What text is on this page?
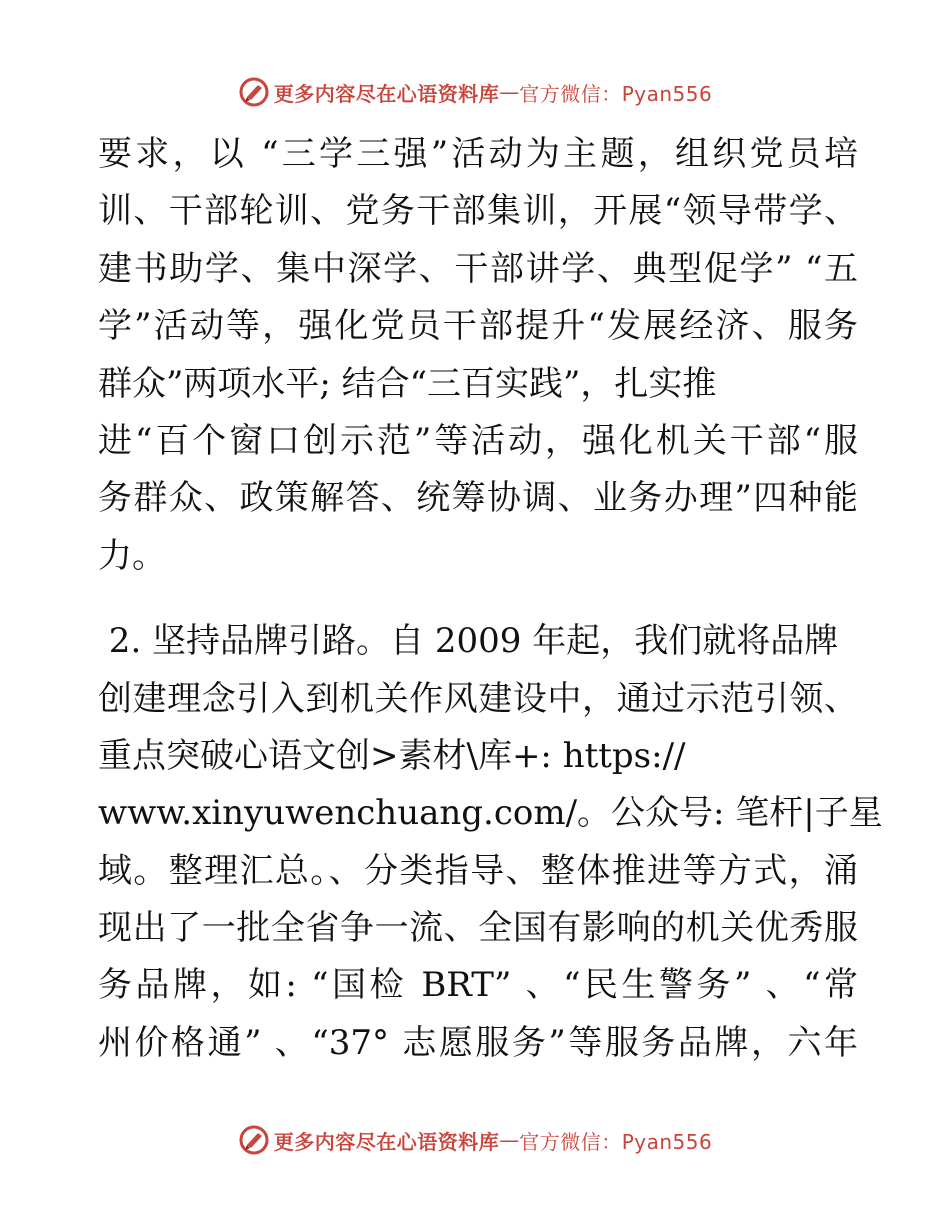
更多内容尽在心语资料库 — 官方微信：Pyan556
要求，以 “三学三强”活动为主题，组织党员培
训、干部轮训、党务干部集训，开展“领导带学、
建书助学、集中深学、干部讲学、典型促学” “五
学”活动等，强化党员干部提升“发展经济、服务
群众”两项水平; 结合“三百实践”，扎实推
进“百个窗口创示范”等活动，强化机关干部“服
务群众、政策解答、统筹协调、业务办理”四种能
力。
2. 坚持品牌引路。自 2009 年起，我们就将品牌
创建理念引入到机关作风建设中，通过示范引领、
重点突破心语文创>素材\库+: https://
www.xinyuwenchuang.com/。公众号: 笔杆|子星
域。整理汇总。、分类指导、整体推进等方式，涌
现出了一批全省争一流、全国有影响的机关优秀服
务品牌，如: “国检 BRT” 、“民生警务” 、“常
州价格通” 、“37° 志愿服务”等服务品牌，六年
更多内容尽在心语资料库 — 官方微信：Pyan556
